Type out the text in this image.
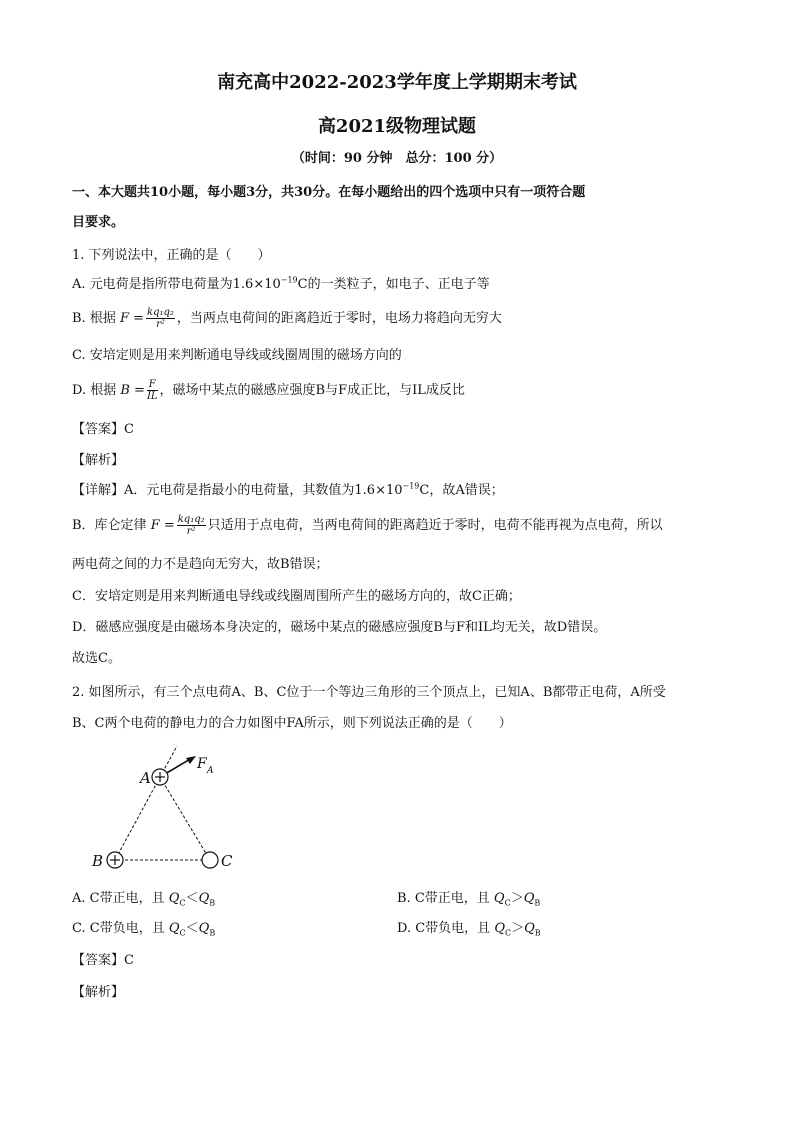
南充高中2022-2023学年度上学期期末考试
高2021级物理试题
（时间：90 分钟　总分：100 分）
一、本大题共10小题，每小题3分，共30分。在每小题给出的四个选项中只有一项符合题
目要求。
1. 下列说法中，正确的是（　　）
A. 元电荷是指所带电荷量为$1.6\times 10^{-19}C$的一类粒子，如电子、正电子等
B. 根据 $F = \frac{\text{kq₁q₂}}{\text{r²}}$ ，当两点电荷间的距离趋近于零时，电场力将趋向无穷大
C. 安培定则是用来判断通电导线或线圈周围的磁场方向的
D. 根据 $B = \frac{F}{IL}$ ，磁场中某点的磁感应强度B与F成正比，与IL成反比
【答案】C
【解析】
【详解】A．元电荷是指最小的电荷量，其数值为$1.6\times 10^{-19}C$，故A错误；
B．库仑定律 $F = \frac{\text{kq₁q₂}}{\text{r²}}$ 只适用于点电荷，当两电荷间的距离趋近于零时，电荷不能再视为点电荷，所以
两电荷之间的力不是趋向无穷大，故B错误；
C．安培定则是用来判断通电导线或线圈周围所产生的磁场方向的，故C正确；
D．磁感应强度是由磁场本身决定的，磁场中某点的磁感应强度B与F和IL均无关，故D错误。
故选C。
2. 如图所示，有三个点电荷A、B、C位于一个等边三角形的三个顶点上，已知A、B都带正电荷，A所受
B、C两个电荷的静电力的合力如图中FA所示，则下列说法正确的是（　　）
A
B	C
F A
A. C带正电，且 $Q_C<Q_B$	B. C带正电，且 $Q_C>Q_B$
C. C带负电，且 $Q_C<Q_B$	D. C带负电，且 $Q_C>Q_B$
【答案】C
【解析】
